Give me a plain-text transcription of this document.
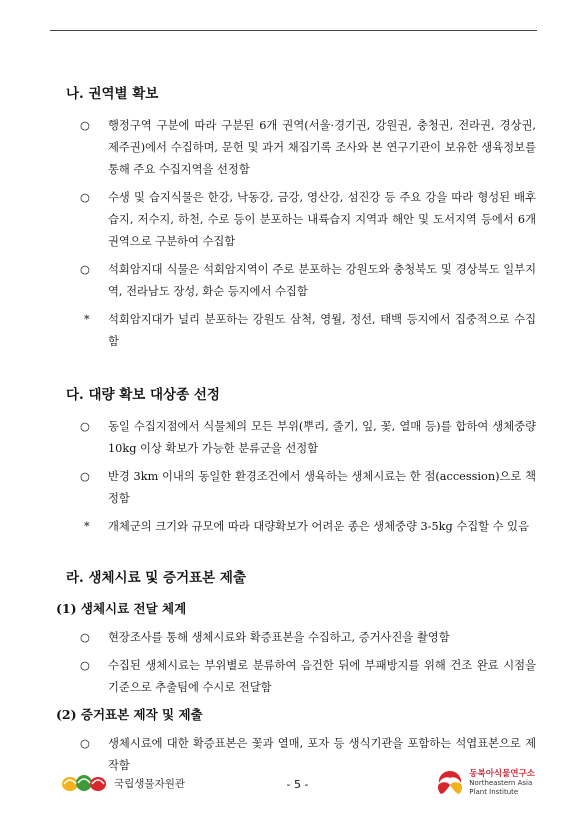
나. 권역별 확보
○ 행정구역 구분에 따라 구분된 6개 권역(서울·경기권, 강원권, 충청권, 전라권, 경상권, 제주권)에서 수집하며, 문헌 및 과거 채집기록 조사와 본 연구기관이 보유한 생육정보를 통해 주요 수집지역을 선정함
○ 수생 및 습지식물은 한강, 낙동강, 금강, 영산강, 섬진강 등 주요 강을 따라 형성된 배후습지, 저수지, 하천, 수로 등이 분포하는 내륙습지 지역과 해안 및 도서지역 등에서 6개 권역으로 구분하여 수집함
○ 석회암지대 식물은 석회암지역이 주로 분포하는 강원도와 충청북도 및 경상북도 일부지역, 전라남도 장성, 화순 등지에서 수집함
* 석회암지대가 널리 분포하는 강원도 삼척, 영월, 정선, 태백 등지에서 집중적으로 수집함
다. 대량 확보 대상종 선정
○ 동일 수집지점에서 식물체의 모든 부위(뿌리, 줄기, 잎, 꽃, 열매 등)를 합하여 생체중량 10kg 이상 확보가 가능한 분류군을 선정함
○ 반경 3km 이내의 동일한 환경조건에서 생육하는 생체시료는 한 점(accession)으로 책정함
* 개체군의 크기와 규모에 따라 대량확보가 어려운 종은 생체중량 3-5kg 수집할 수 있음
라. 생체시료 및 증거표본 제출
(1) 생체시료 전달 체계
○ 현장조사를 통해 생체시료와 확증표본을 수집하고, 증거사진을 촬영함
○ 수집된 생체시료는 부위별로 분류하여 음건한 뒤에 부패방지를 위해 건조 완료 시점을 기준으로 추출팀에 수시로 전달함
(2) 증거표본 제작 및 제출
○ 생체시료에 대한 확증표본은 꽃과 열매, 포자 등 생식기관을 포함하는 석엽표본으로 제작함
국립생물자원관	- 5 -
동북아식물연구소
Northeastern Asia
Plant Institute
